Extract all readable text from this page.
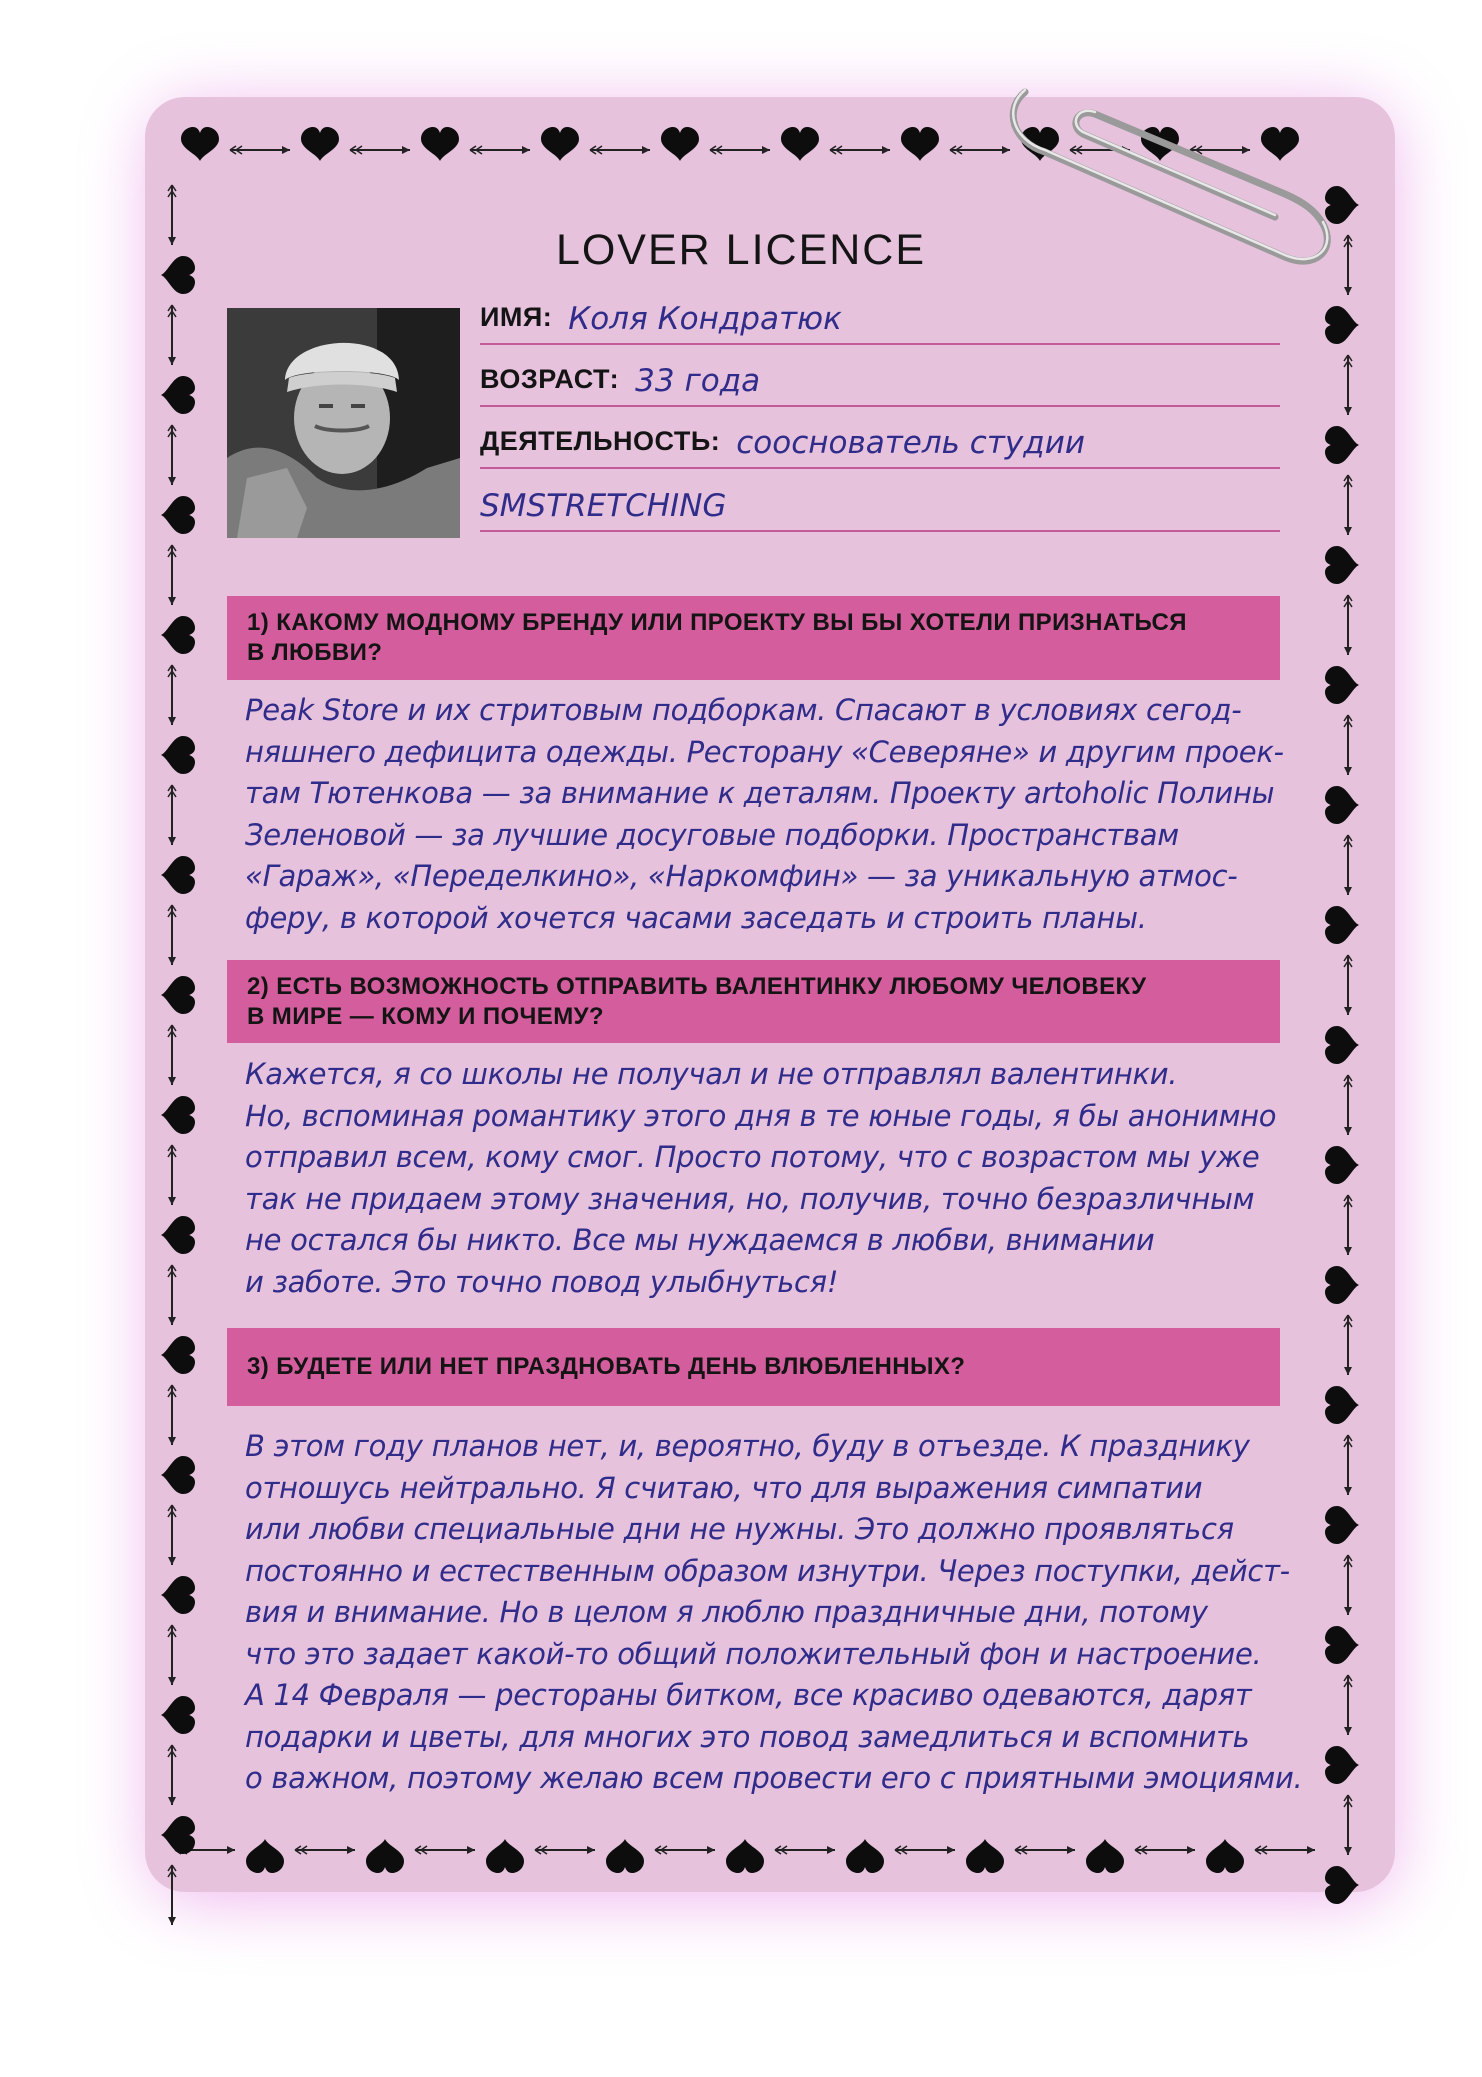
LOVER LICENCE
ИМЯ: Коля Кондратюк
ВОЗРАСТ: 33 года
ДЕЯТЕЛЬНОСТЬ: сооснователь студии
SMSTRETCHING
1) КАКОМУ МОДНОМУ БРЕНДУ ИЛИ ПРОЕКТУ ВЫ БЫ ХОТЕЛИ ПРИЗНАТЬСЯ
В ЛЮБВИ?
Peak Store и их стритовым подборкам. Спасают в условиях сегод-
няшнего дефицита одежды. Ресторану «Северяне» и другим проек-
там Тютенкова — за внимание к деталям. Проекту artoholic Полины
Зеленовой — за лучшие досуговые подборки. Пространствам
«Гараж», «Переделкино», «Наркомфин» — за уникальную атмос-
феру, в которой хочется часами заседать и строить планы.
2) ЕСТЬ ВОЗМОЖНОСТЬ ОТПРАВИТЬ ВАЛЕНТИНКУ ЛЮБОМУ ЧЕЛОВЕКУ
В МИРЕ — КОМУ И ПОЧЕМУ?
Кажется, я со школы не получал и не отправлял валентинки.
Но, вспоминая романтику этого дня в те юные годы, я бы анонимно
отправил всем, кому смог. Просто потому, что с возрастом мы уже
так не придаем этому значения, но, получив, точно безразличным
не остался бы никто. Все мы нуждаемся в любви, внимании
и заботе. Это точно повод улыбнуться!
3) БУДЕТЕ ИЛИ НЕТ ПРАЗДНОВАТЬ ДЕНЬ ВЛЮБЛЕННЫХ?
В этом году планов нет, и, вероятно, буду в отъезде. К празднику
отношусь нейтрально. Я считаю, что для выражения симпатии
или любви специальные дни не нужны. Это должно проявляться
постоянно и естественным образом изнутри. Через поступки, дейст-
вия и внимание. Но в целом я люблю праздничные дни, потому
что это задает какой-то общий положительный фон и настроение.
А 14 Февраля — рестораны битком, все красиво одеваются, дарят
подарки и цветы, для многих это повод замедлиться и вспомнить
о важном, поэтому желаю всем провести его с приятными эмоциями.
